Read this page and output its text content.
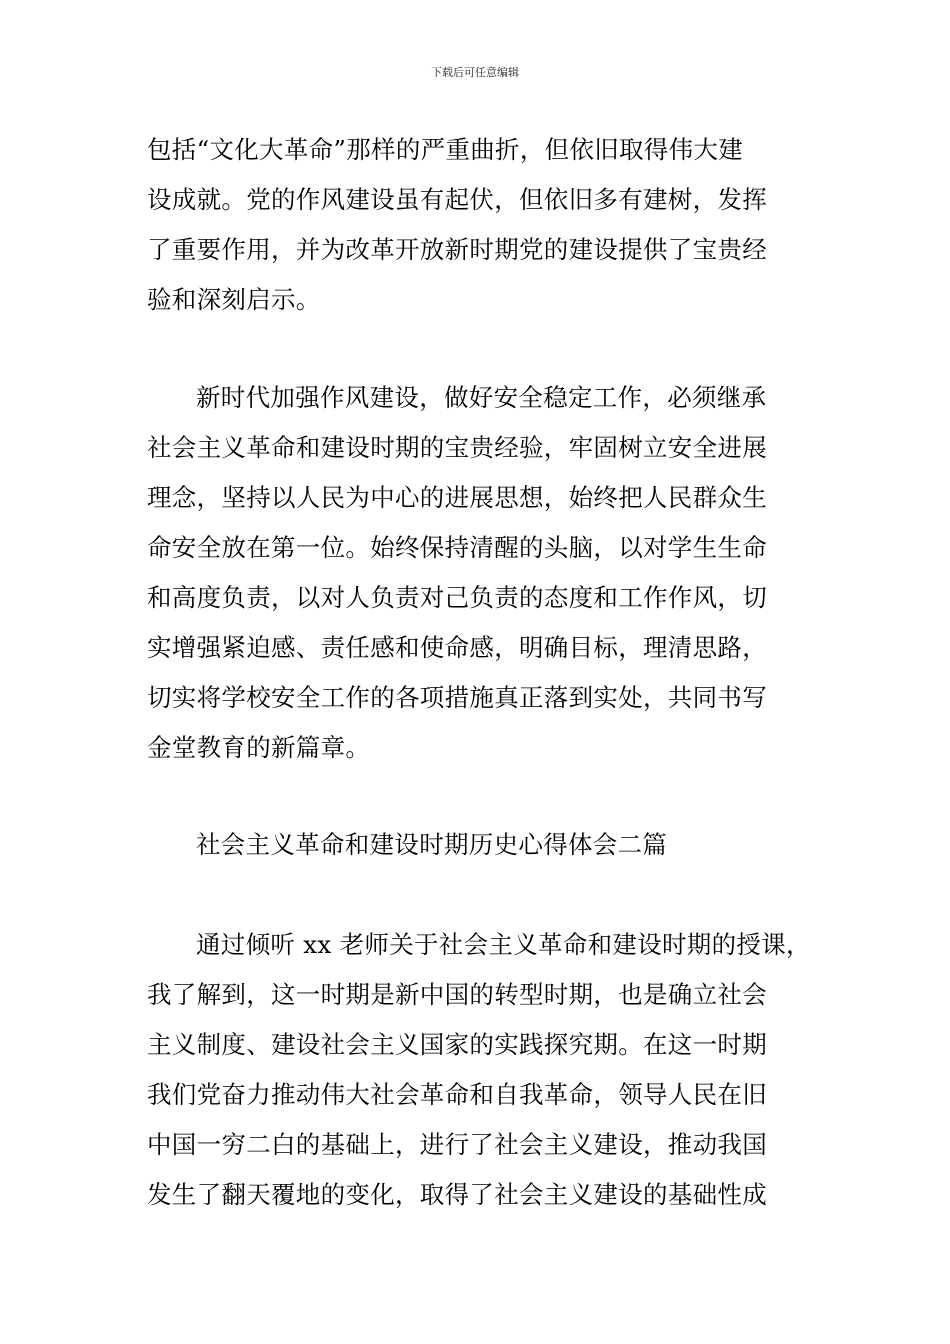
下载后可任意编辑
包括“文化大革命”那样的严重曲折，但依旧取得伟大建
设成就。党的作风建设虽有起伏，但依旧多有建树，发挥
了重要作用，并为改革开放新时期党的建设提供了宝贵经
验和深刻启示。
新时代加强作风建设，做好安全稳定工作，必须继承
社会主义革命和建设时期的宝贵经验，牢固树立安全进展
理念，坚持以人民为中心的进展思想，始终把人民群众生
命安全放在第一位。始终保持清醒的头脑，以对学生生命
和高度负责，以对人负责对己负责的态度和工作作风，切
实增强紧迫感、责任感和使命感，明确目标，理清思路，
切实将学校安全工作的各项措施真正落到实处，共同书写
金堂教育的新篇章。
社会主义革命和建设时期历史心得体会二篇
通过倾听 xx 老师关于社会主义革命和建设时期的授课，
我了解到，这一时期是新中国的转型时期，也是确立社会
主义制度、建设社会主义国家的实践探究期。在这一时期
我们党奋力推动伟大社会革命和自我革命，领导人民在旧
中国一穷二白的基础上，进行了社会主义建设，推动我国
发生了翻天覆地的变化，取得了社会主义建设的基础性成
